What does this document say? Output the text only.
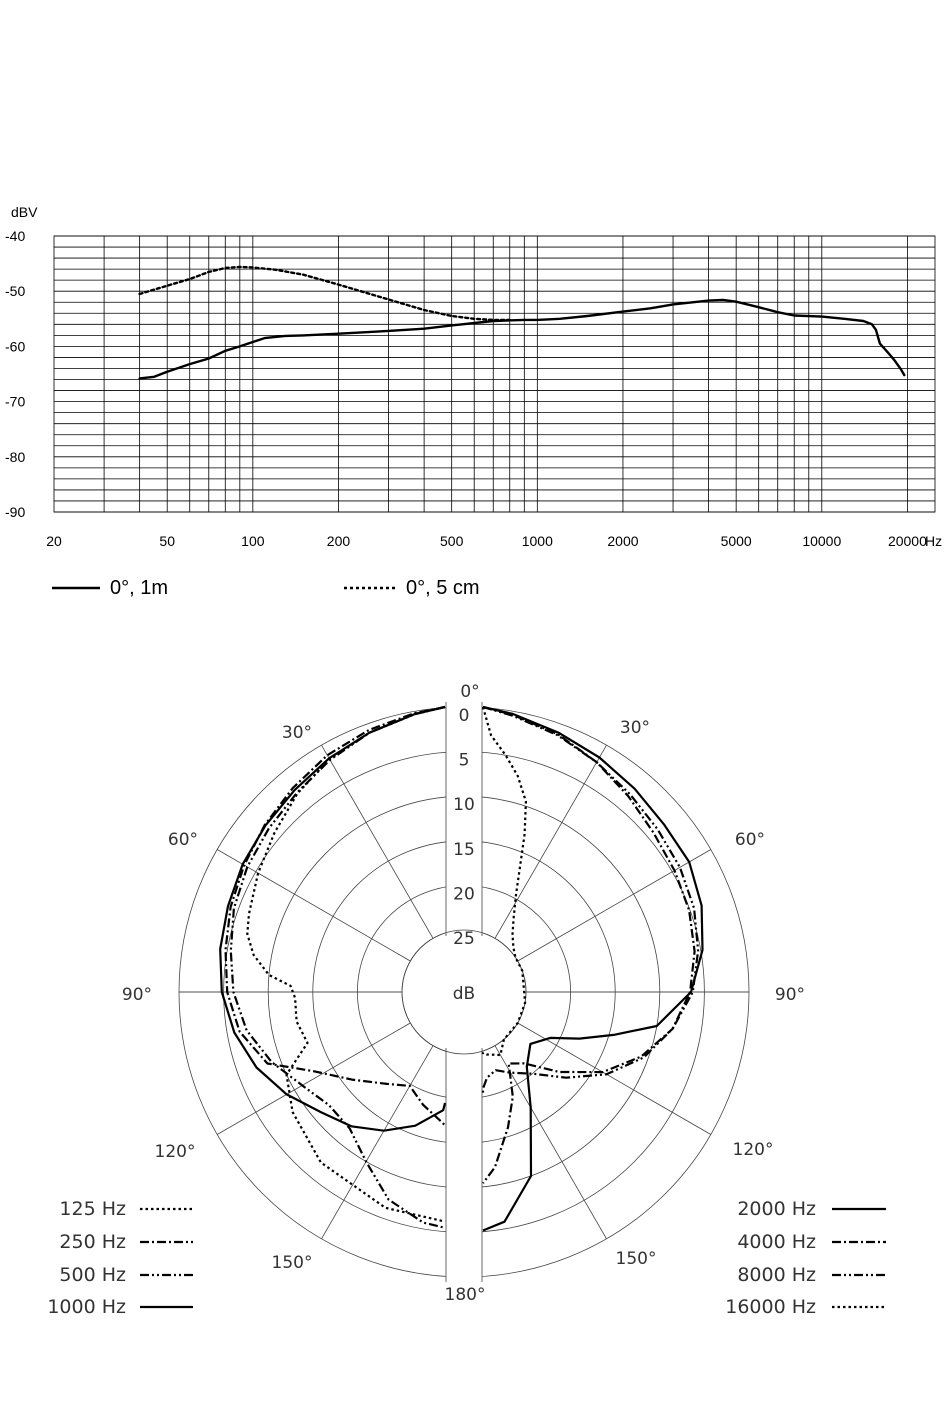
dBV
Hz
-40
-50
-60
-70
-80
-90
20	50	100	200	500	1000	2000	5000	10000	20000
0°, 1m	0°, 5 cm
0°
30°	30°
60°	60°
90°	90°
120°	120°
150°	150°
180°
0
5
10
15
20
25
dB
125 Hz
250 Hz
500 Hz
1000 Hz
2000 Hz
4000 Hz
8000 Hz
16000 Hz
